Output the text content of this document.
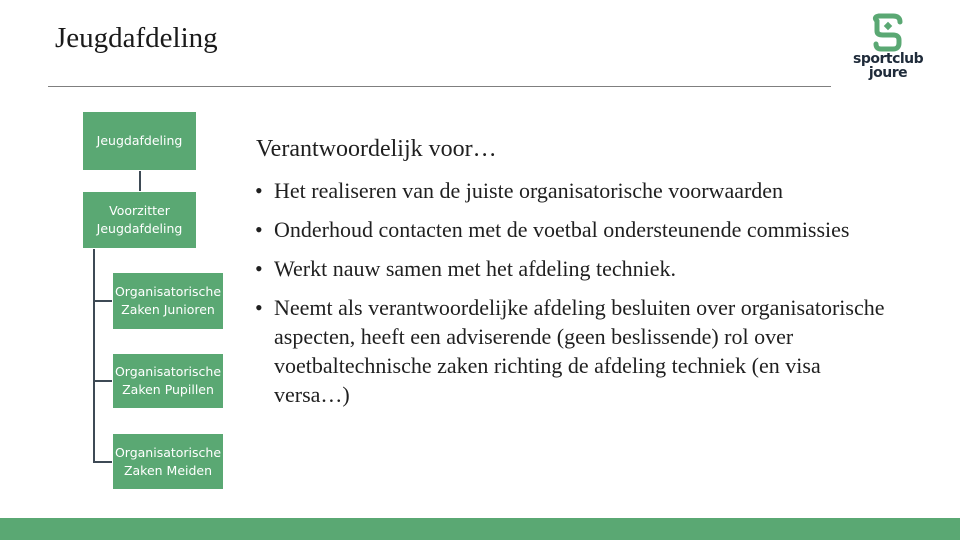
Jeugdafdeling
sportclub
joure
Jeugdafdeling
Voorzitter Jeugdafdeling
Organisatorische Zaken Junioren
Organisatorische Zaken Pupillen
Organisatorische Zaken Meiden
Verantwoordelijk voor…
• Het realiseren van de juiste organisatorische voorwaarden
• Onderhoud contacten met de voetbal ondersteunende commissies
• Werkt nauw samen met het afdeling techniek.
• Neemt als verantwoordelijke afdeling besluiten over organisatorische aspecten, heeft een adviserende (geen beslissende) rol over voetbaltechnische zaken richting de afdeling techniek (en visa versa…)
